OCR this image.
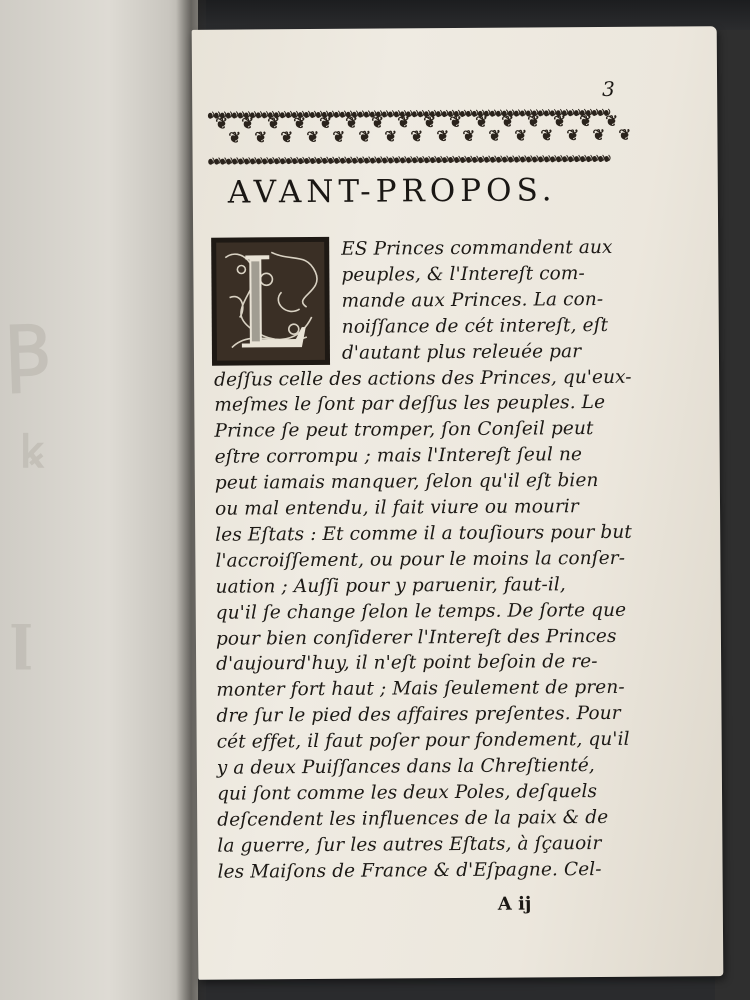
Ꞵ
ꝃ
ꞁ
3
❦
❦
❦
❦
❦
❦
❦
❦
❦
❦
❦
❦
❦
❦
❦
❦
❦
❦
❦
❦
❦
❦
❦
❦
❦
❦
❦
❦
❦
❦
❦
❦
AVANT-PROPOS.
ES Princes commandent aux
peuples, & l'Intereſt com-
mande aux Princes. La con-
noiſſance de cét intereſt, eſt
d'autant plus releuée par
deſſus celle des actions des Princes, qu'eux-
meſmes le ſont par deſſus les peuples. Le
Prince ſe peut tromper, ſon Conſeil peut
eſtre corrompu ; mais l'Intereſt ſeul ne
peut iamais manquer, ſelon qu'il eſt bien
ou mal entendu, il fait viure ou mourir
les Eſtats : Et comme il a touſiours pour but
l'accroiſſement, ou pour le moins la conſer-
uation ; Auſſi pour y paruenir, faut-il,
qu'il ſe change ſelon le temps. De ſorte que
pour bien conſiderer l'Intereſt des Princes
d'aujourd'huy, il n'eſt point beſoin de re-
monter fort haut ; Mais ſeulement de pren-
dre ſur le pied des affaires preſentes. Pour
cét effet, il faut poſer pour fondement, qu'il
y a deux Puiſſances dans la Chreſtienté,
qui ſont comme les deux Poles, deſquels
deſcendent les influences de la paix & de
la guerre, ſur les autres Eſtats, à ſçauoir
les Maiſons de France & d'Eſpagne. Cel-
A ij
